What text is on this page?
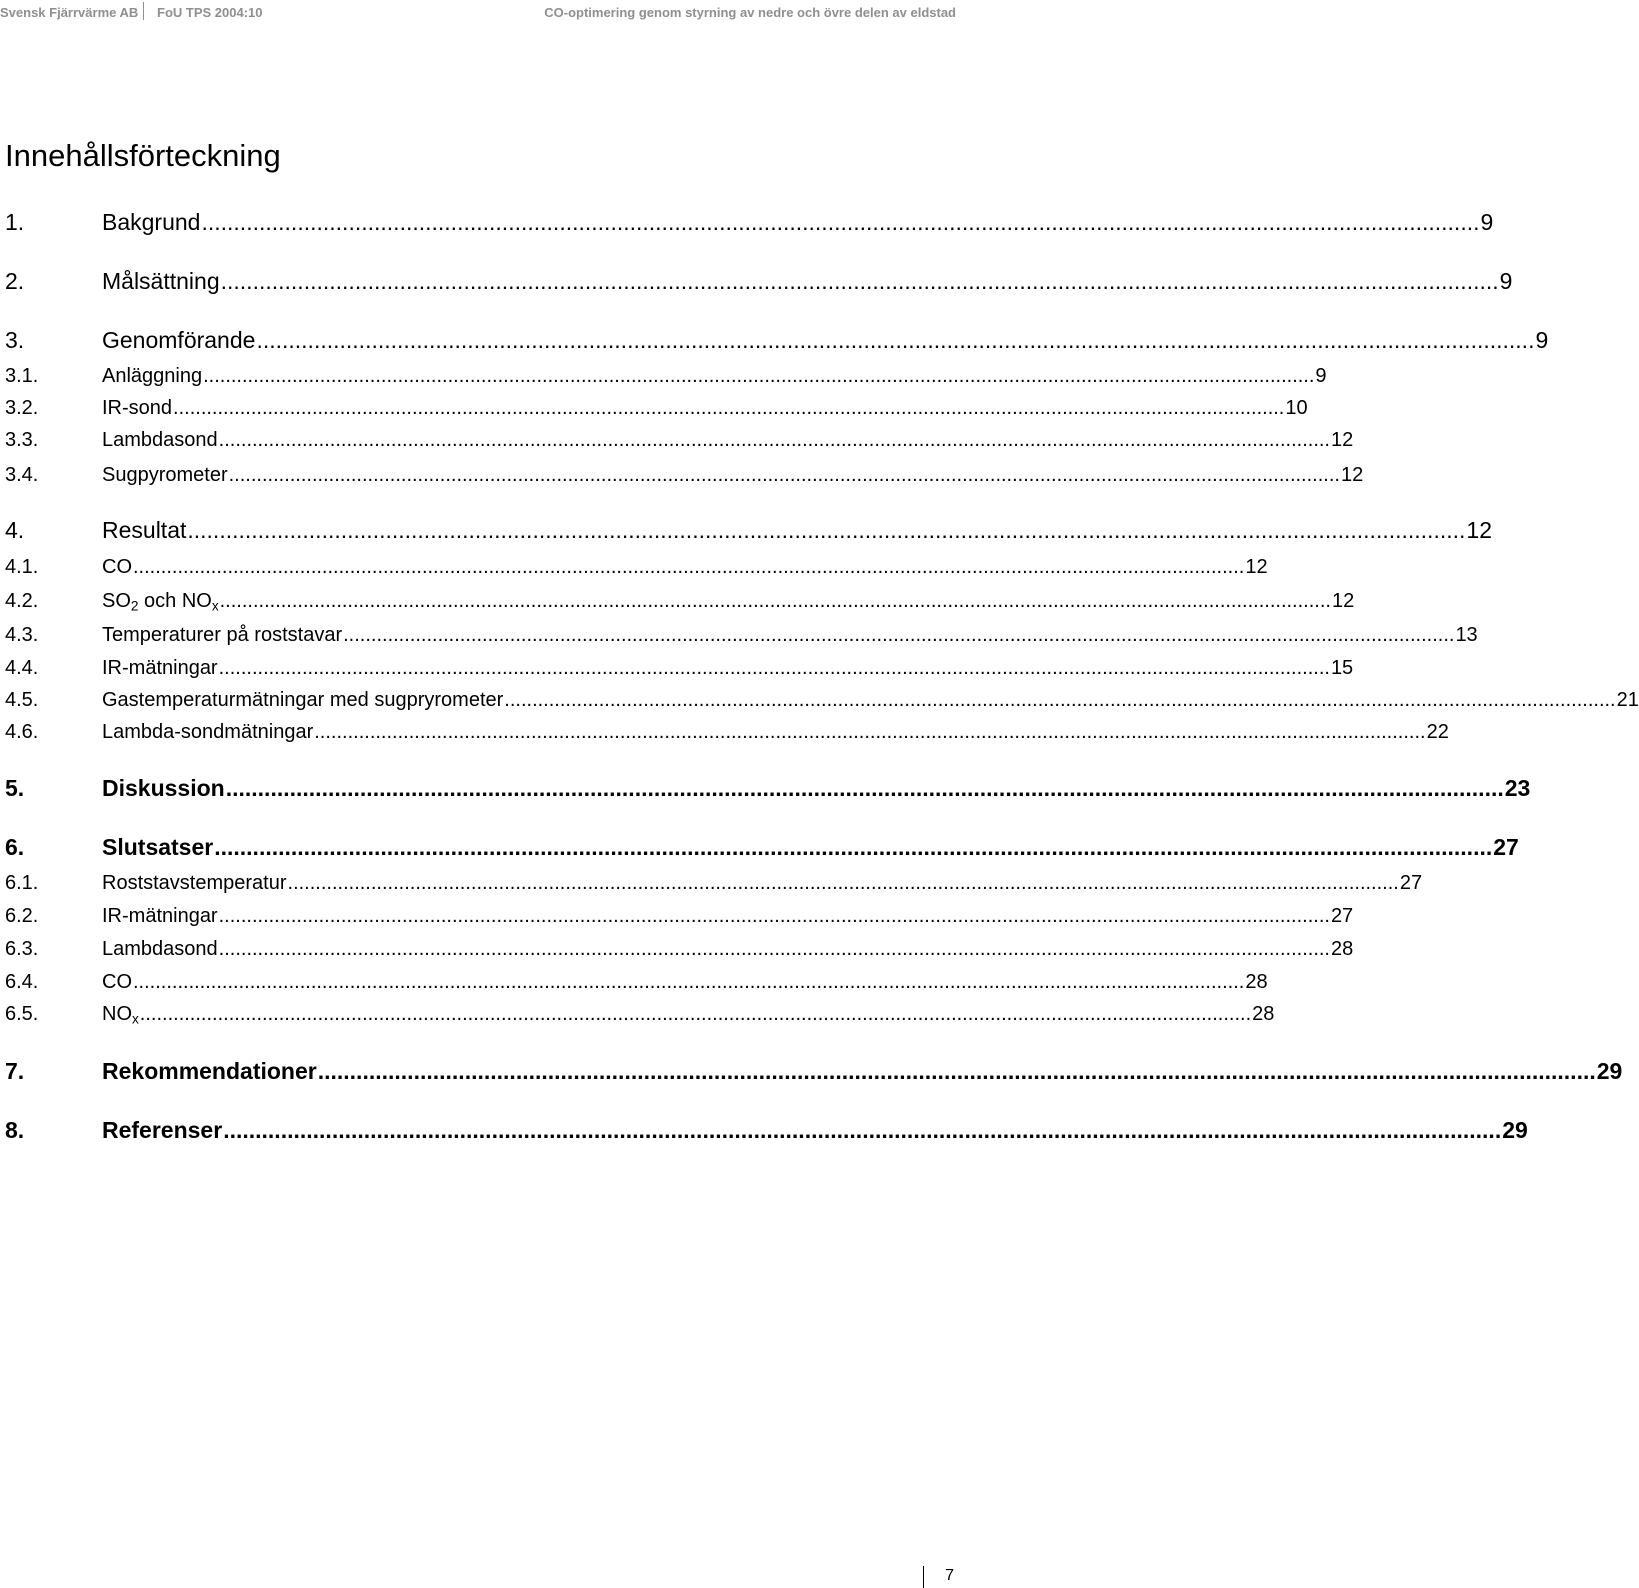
Svensk Fjärrvärme AB FoU TPS 2004:10	CO-optimering genom styrning av nedre och övre delen av eldstad
Innehållsförteckning
1.	Bakgrund ........................................................................................................................................................................................................ 9
2.	Målsättning ........................................................................................................................................................................................................ 9
3.	Genomförande ........................................................................................................................................................................................................ 9
3.1.	Anläggning ........................................................................................................................................................................................................ 9
3.2.	IR-sond ........................................................................................................................................................................................................ 10
3.3.	Lambdasond ........................................................................................................................................................................................................ 12
3.4.	Sugpyrometer ........................................................................................................................................................................................................ 12
4.	Resultat ........................................................................................................................................................................................................ 12
4.1.	CO ........................................................................................................................................................................................................ 12
4.2.	$SO_2$ och $NO_x$ ........................................................................................................................................................................................................ 12
4.3.	Temperaturer på roststavar ........................................................................................................................................................................................................ 13
4.4.	IR-mätningar ........................................................................................................................................................................................................ 15
4.5.	Gastemperaturmätningar med sugpryrometer ........................................................................................................................................................................................................ 21
4.6.	Lambda-sondmätningar ........................................................................................................................................................................................................ 22
5.	Diskussion ........................................................................................................................................................................................................ 23
6.	Slutsatser ........................................................................................................................................................................................................ 27
6.1.	Roststavstemperatur ........................................................................................................................................................................................................ 27
6.2.	IR-mätningar ........................................................................................................................................................................................................ 27
6.3.	Lambdasond ........................................................................................................................................................................................................ 28
6.4.	CO ........................................................................................................................................................................................................ 28
6.5.	$NO_x$ ........................................................................................................................................................................................................ 28
7.	Rekommendationer ........................................................................................................................................................................................................ 29
8.	Referenser ........................................................................................................................................................................................................ 29
7
